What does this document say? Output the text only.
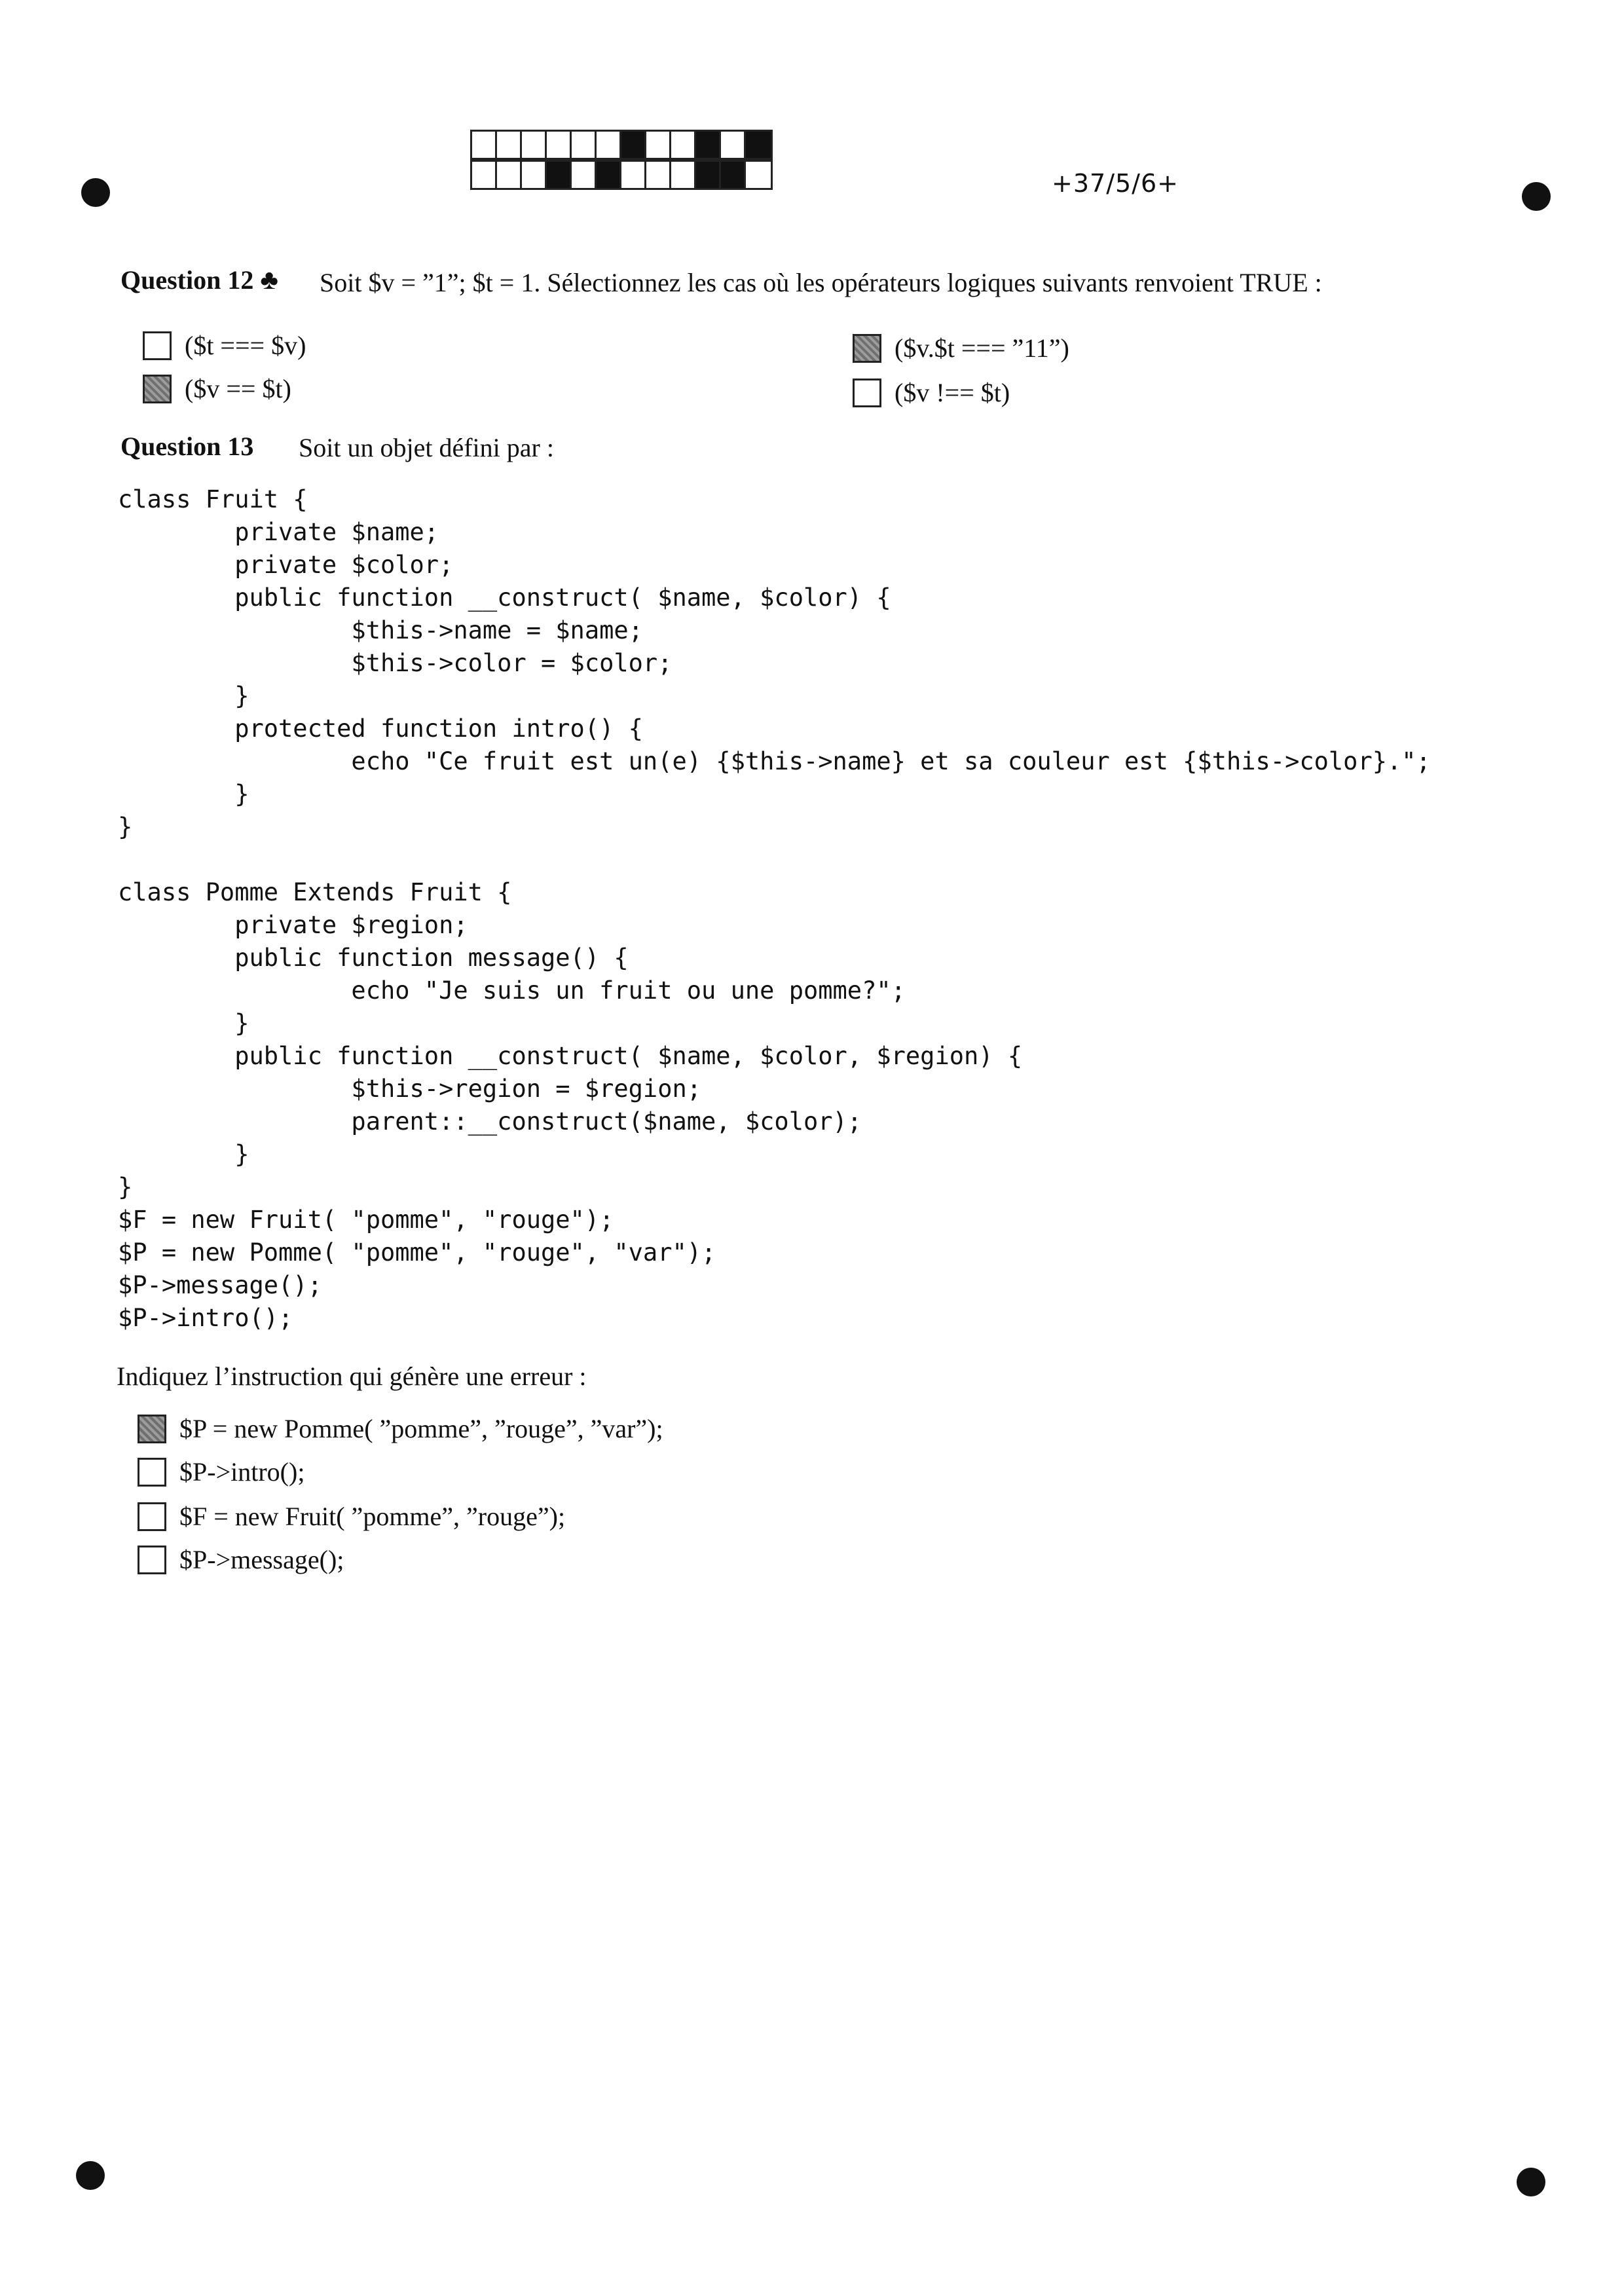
+37/5/6+
Question 12 ♣ Soit $v = ”1”; $t = 1. Sélectionnez les cas où les opérateurs logiques suivants renvoient TRUE :
($t === $v)	($v.$t === ”11”)
($v == $t)	($v !== $t)
Question 13 Soit un objet défini par :
class Fruit {
private $name;
private $color;
public function __construct( $name, $color) {
$this->name = $name;
$this->color = $color;
}
protected function intro() {
echo "Ce fruit est un(e) {$this->name} et sa couleur est {$this->color}.";
}
}

class Pomme Extends Fruit {
private $region;
public function message() {
echo "Je suis un fruit ou une pomme?";
}
public function __construct( $name, $color, $region) {
$this->region = $region;
parent::__construct($name, $color);
}
}
$F = new Fruit( "pomme", "rouge");
$P = new Pomme( "pomme", "rouge", "var");
$P->message();
$P->intro();
Indiquez l’instruction qui génère une erreur :
$P = new Pomme( ”pomme”, ”rouge”, ”var”);
$P->intro();
$F = new Fruit( ”pomme”, ”rouge”);
$P->message();
